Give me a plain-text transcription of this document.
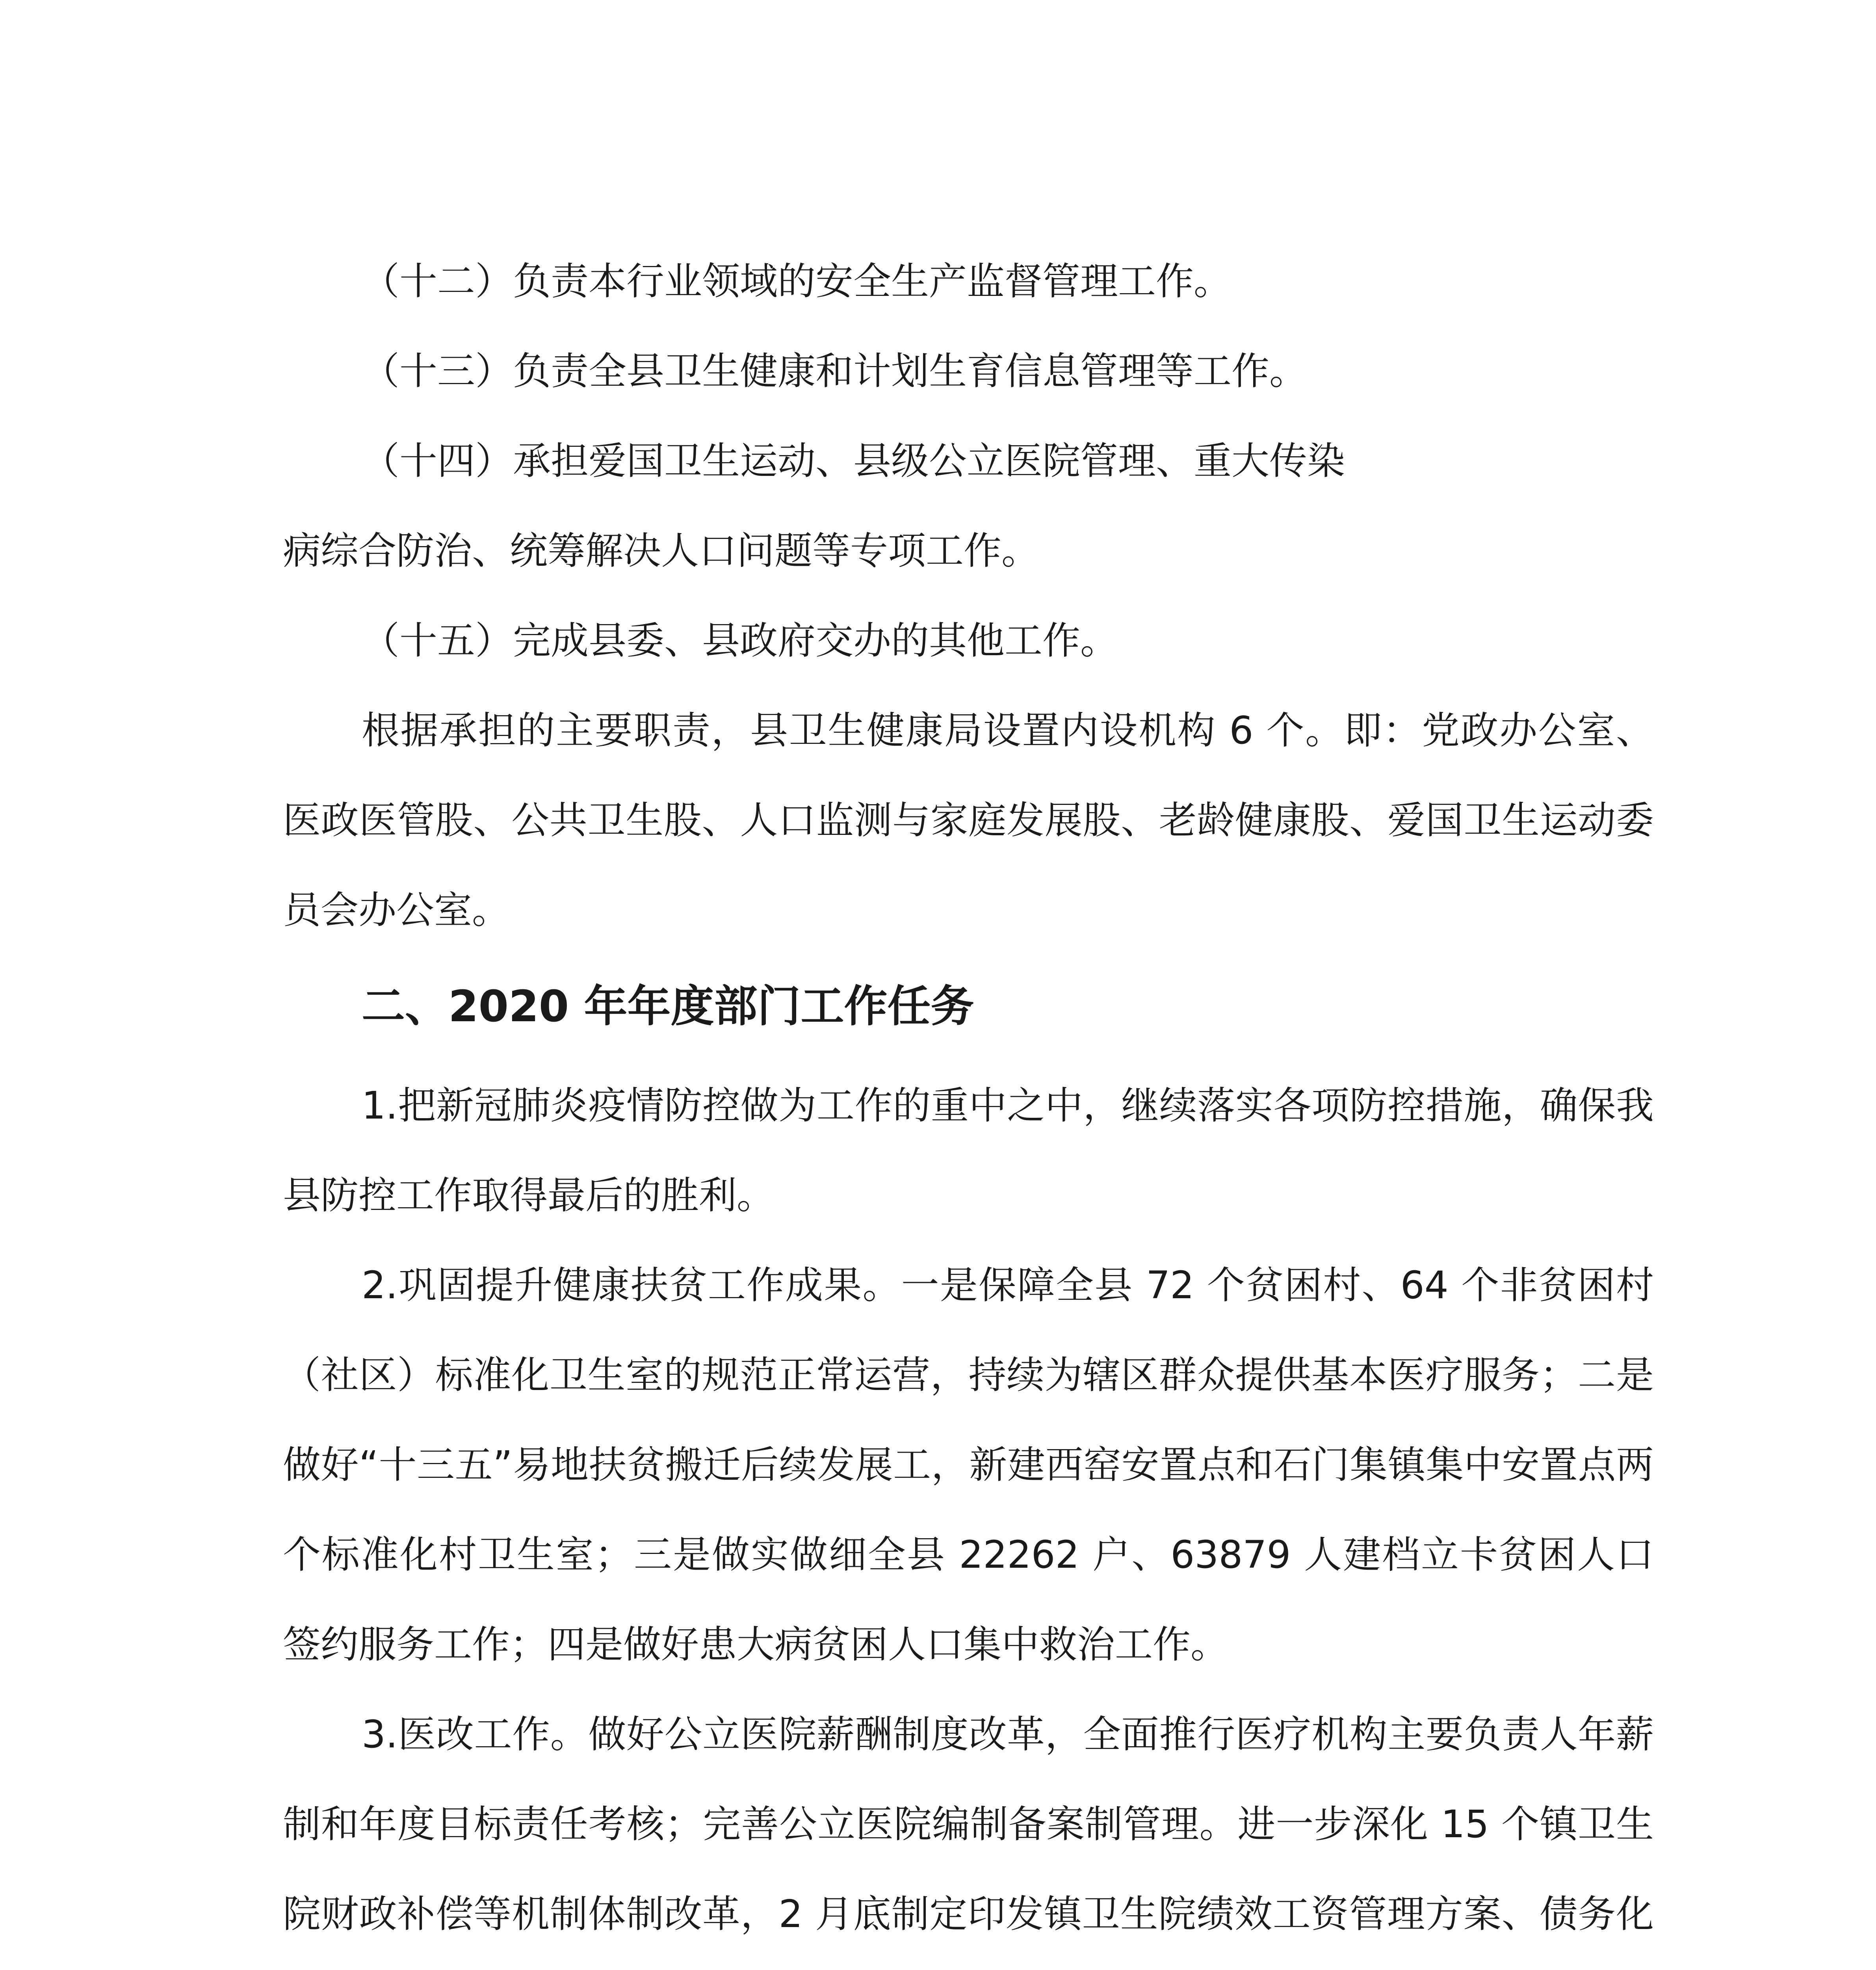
（十二）负责本行业领域的安全生产监督管理工作。

（十三）负责全县卫生健康和计划生育信息管理等工作。

（十四）承担爱国卫生运动、县级公立医院管理、重大传染

病综合防治、统筹解决人口问题等专项工作。

（十五）完成县委、县政府交办的其他工作。

根据承担的主要职责，县卫生健康局设置内设机构 6 个。即：党政办公室、医政医管股、公共卫生股、人口监测与家庭发展股、老龄健康股、爱国卫生运动委员会办公室。

二、2020 年年度部门工作任务

1.把新冠肺炎疫情防控做为工作的重中之中，继续落实各项防控措施，确保我县防控工作取得最后的胜利。

2.巩固提升健康扶贫工作成果。一是保障全县 72 个贫困村、64 个非贫困村（社区）标准化卫生室的规范正常运营，持续为辖区群众提供基本医疗服务；二是做好“十三五”易地扶贫搬迁后续发展工，新建西窑安置点和石门集镇集中安置点两个标准化村卫生室；三是做实做细全县 22262 户、63879 人建档立卡贫困人口签约服务工作；四是做好患大病贫困人口集中救治工作。

3.医改工作。做好公立医院薪酬制度改革，全面推行医疗机构主要负责人年薪制和年度目标责任考核；完善公立医院编制备案制管理。进一步深化 15 个镇卫生院财政补偿等机制体制改革，2 月底制定印发镇卫生院绩效工资管理方案、债务化
